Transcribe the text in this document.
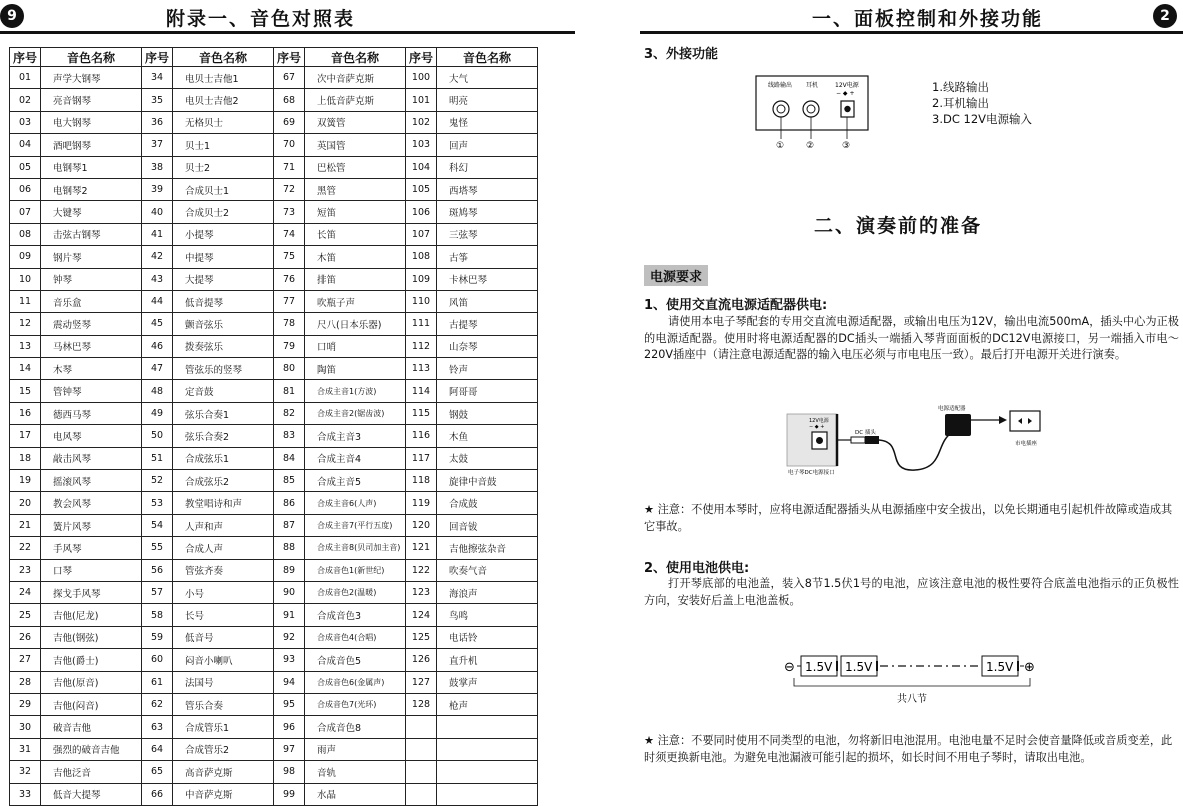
9	附录一、音色对照表
序号	音色名称	序号	音色名称	序号	音色名称	序号	音色名称
01	声学大钢琴	34	电贝士吉他1	67	次中音萨克斯	100	大气
02	亮音钢琴	35	电贝士吉他2	68	上低音萨克斯	101	明亮
03	电大钢琴	36	无格贝士	69	双簧管	102	鬼怪
04	酒吧钢琴	37	贝士1	70	英国管	103	回声
05	电钢琴1	38	贝士2	71	巴松管	104	科幻
06	电钢琴2	39	合成贝士1	72	黑管	105	西塔琴
07	大键琴	40	合成贝士2	73	短笛	106	斑鸠琴
08	击弦古钢琴	41	小提琴	74	长笛	107	三弦琴
09	钢片琴	42	中提琴	75	木笛	108	古筝
10	钟琴	43	大提琴	76	排笛	109	卡林巴琴
11	音乐盒	44	低音提琴	77	吹瓶子声	110	风笛
12	震动竖琴	45	颤音弦乐	78	尺八(日本乐器)	111	古提琴
13	马林巴琴	46	拨奏弦乐	79	口哨	112	山奈琴
14	木琴	47	管弦乐的竖琴	80	陶笛	113	铃声
15	管钟琴	48	定音鼓	81	合成主音1(方波)	114	阿哥哥
16	德西马琴	49	弦乐合奏1	82	合成主音2(锯齿波)	115	钢鼓
17	电风琴	50	弦乐合奏2	83	合成主音3	116	木鱼
18	敲击风琴	51	合成弦乐1	84	合成主音4	117	太鼓
19	摇滚风琴	52	合成弦乐2	85	合成主音5	118	旋律中音鼓
20	教会风琴	53	教堂唱诗和声	86	合成主音6(人声)	119	合成鼓
21	簧片风琴	54	人声和声	87	合成主音7(平行五度)	120	回音钹
22	手风琴	55	合成人声	88	合成主音8(贝司加主音)	121	吉他擦弦杂音
23	口琴	56	管弦齐奏	89	合成音色1(新世纪)	122	吹奏气音
24	探戈手风琴	57	小号	90	合成音色2(温暖)	123	海浪声
25	吉他(尼龙)	58	长号	91	合成音色3	124	鸟鸣
26	吉他(钢弦)	59	低音号	92	合成音色4(合唱)	125	电话铃
27	吉他(爵士)	60	闷音小喇叭	93	合成音色5	126	直升机
28	吉他(原音)	61	法国号	94	合成音色6(金属声)	127	鼓掌声
29	吉他(闷音)	62	管乐合奏	95	合成音色7(光环)	128	枪声
30	破音吉他	63	合成管乐1	96	合成音色8		
31	强烈的破音吉他	64	合成管乐2	97	雨声		
32	吉他泛音	65	高音萨克斯	98	音轨		
33	低音大提琴	66	中音萨克斯	99	水晶		
一、面板控制和外接功能	2
3、外接功能
线路输出 耳机	12V电源
− ◆ +
① ②	③
1.线路输出
2.耳机输出
3.DC 12V电源输入
二、演奏前的准备
电源要求
1、使用交直流电源适配器供电:
请使用本电子琴配套的专用交直流电源适配器，或输出电压为12V，输出电流500mA，插头中心为正极的电源适配器。使用时将电源适配器的DC插头一端插入琴背面面板的DC12V电源接口，另一端插入市电～220V插座中（请注意电源适配器的输入电压必须与市电电压一致）。最后打开电源开关进行演奏。
12V电源
− ◆ +
电子琴DC电源接口
DC 插头
电源适配器
市电插座
★ 注意：不使用本琴时，应将电源适配器插头从电源插座中安全拔出，以免长期通电引起机件故障或造成其它事故。
2、使用电池供电:
打开琴底部的电池盖，装入8节1.5伏1号的电池，应该注意电池的极性要符合底盖电池指示的正负极性方向，安装好后盖上电池盖板。
⊖ 1.5V 1.5V	1.5V ⊕
共八节
★ 注意：不要同时使用不同类型的电池，勿将新旧电池混用。电池电量不足时会使音量降低或音质变差，此时须更换新电池。为避免电池漏液可能引起的损坏，如长时间不用电子琴时，请取出电池。
